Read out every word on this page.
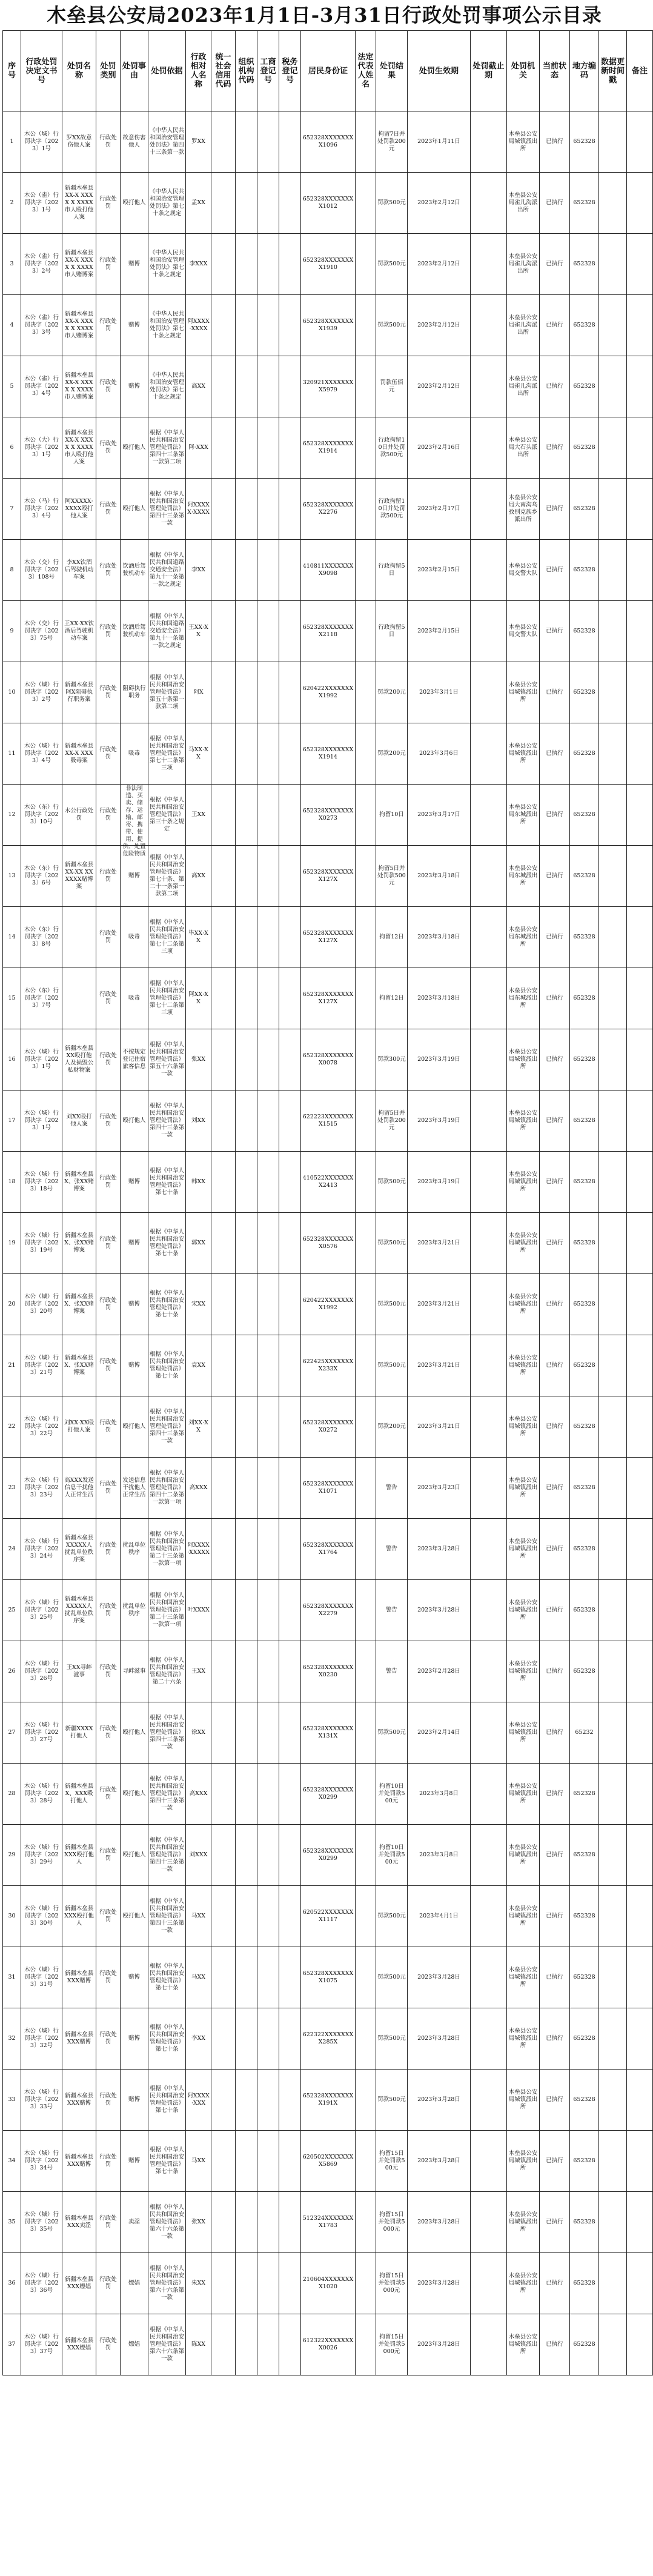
木垒县公安局2023年1月1日-3月31日行政处罚事项公示目录
序号	行政处罚决定文书号	处罚名称	处罚类别	处罚事由	处罚依据	行政相对人名称	统一社会信用代码	组织机构代码	工商登记号	税务登记号	居民身份证	法定代表人姓名	处罚结果	处罚生效期	处罚截止期	处罚机关	当前状态	地方编码	数据更新时间戳	备注

1	木公（城）行罚决字〔2023〕1号	罗XX故意伤他人案	行政处罚	故意伤害他人	《中华人民共和国治安管理处罚法》第四十三条第一款	罗XX					652328XXXXXXXX1096		拘留7日并处罚款200元	2023年1月11日		木垒县公安局城镇派出所	已执行	652328		

2	木公（雀）行罚决字〔2023〕1号	新疆木垒县XX-X XXXX X XXXX市人殴打他人案	行政处罚	殴打他人	《中华人民共和国治安管理处罚法》第七十条之规定	孟XX					652328XXXXXXXX1012		罚款500元	2023年2月12日		木垒县公安局雀儿沟派出所	已执行	652328		

3	木公（雀）行罚决字〔2023〕2号	新疆木垒县XX-X XXXX X XXXX市人赌博案	行政处罚	赌博	《中华人民共和国治安管理处罚法》第七十条之规定	李XXX					652328XXXXXXXX1910		罚款500元	2023年2月12日		木垒县公安局雀儿沟派出所	已执行	652328		

4	木公（雀）行罚决字〔2023〕3号	新疆木垒县XX-X XXXX X XXXX市人赌博案	行政处罚	赌博	《中华人民共和国治安管理处罚法》第七十条之规定	阿XXXX·XXXX					652328XXXXXXXX1939		罚款500元	2023年2月12日		木垒县公安局雀儿沟派出所	已执行	652328		

5	木公（雀）行罚决字〔2023〕4号	新疆木垒县XX-X XXXX X XXXX市人赌博案	行政处罚	赌博	《中华人民共和国治安管理处罚法》第七十条之规定	高XX					320921XXXXXXXX5979		罚款伍佰元	2023年2月12日		木垒县公安局雀儿沟派出所	已执行	652328		

6	木公（大）行罚决字〔2023〕1号	新疆木垒县XX-X XXXX X XXXX市人殴打他人案	行政处罚	殴打他人	根据《中华人民共和国治安管理处罚法》第四十三条第一款第二项	阿·XXX					652328XXXXXXXX1914		行政拘留10日并处罚款500元	2023年2月16日		木垒县公安局大石头派出所	已执行	652328		

7	木公（马）行罚决字〔2023〕4号	阿XXXXX·XXXX殴打他人案	行政处罚	殴打他人	根据《中华人民共和国治安管理处罚法》第四十三条第一款	阿XXXXX·XXXX					652328XXXXXXXX2276		行政拘留10日并处罚款500元	2023年2月17日		木垒县公安局大南沟乌孜别克族乡派出所	已执行	652328		

8	木公（交）行罚决字〔2023〕108号	李XX饮酒后驾驶机动车案	行政处罚	饮酒后驾驶机动车	根据《中华人民共和国道路交通安全法》第九十一条第一款之规定	李XX					410811XXXXXXXX9098		行政拘留5日	2023年2月15日		木垒县公安局交警大队	已执行	652328		

9	木公（交）行罚决字〔2023〕75号	王XX·XX饮酒后驾驶机动车案	行政处罚	饮酒后驾驶机动车	根据《中华人民共和国道路交通安全法》第九十一条第一款之规定	王XX·XX					652328XXXXXXXX2118		行政拘留5日	2023年2月15日		木垒县公安局交警大队	已执行	652328		

10	木公（城）行罚决字〔2023〕2号	新疆木垒县阿X阻碍执行职务案	行政处罚	阻碍执行职务	根据《中华人民共和国治安管理处罚法》第五十条第一款第二项	阿X					620422XXXXXXXX1992		罚款200元	2023年3月1日		木垒县公安局城镇派出所	已执行	652328		

11	木公（城）行罚决字〔2023〕4号	新疆木垒县XX-X XXX吸毒案	行政处罚	吸毒	根据《中华人民共和国治安管理处罚法》第七十二条第三项	马XX·XX					652328XXXXXXXX1914		罚款200元	2023年3月6日		木垒县公安局城镇派出所	已执行	652328		

12	木公（东）行罚决字〔2023〕10号	木公行政处罚	行政处罚	非法制造、买卖、储存、运输、邮寄、携带、使用、提供、处置危险物质	根据《中华人民共和国治安管理处罚法》第三十条之规定	王XX					652328XXXXXXXX0273		拘留10日	2023年3月17日		木垒县公安局东城派出所	已执行	652328		

13	木公（东）行罚决字〔2023〕6号	新疆木垒县XX-XX XXXXXX赌博案	行政处罚	赌博	根据《中华人民共和国治安管理处罚法》第七十条、第二十一条第一款第二项	高XX					652328XXXXXXXX127X		拘留5日并处罚款500元	2023年3月18日		木垒县公安局东城派出所	已执行	652328		

14	木公（东）行罚决字〔2023〕8号		行政处罚	吸毒	根据《中华人民共和国治安管理处罚法》第七十二条第三项	毕XX·XX					652328XXXXXXXX127X		拘留12日	2023年3月18日		木垒县公安局东城派出所	已执行	652328		

15	木公（东）行罚决字〔2023〕7号		行政处罚	吸毒	根据《中华人民共和国治安管理处罚法》第七十二条第三项	阿XX·XX					652328XXXXXXXX127X		拘留12日	2023年3月18日		木垒县公安局东城派出所	已执行	652328		

16	木公（城）行罚决字〔2023〕1号	新疆木垒县XX殴打他人及损毁公私财物案	行政处罚	不按规定登记住宿旅客信息	根据《中华人民共和国治安管理处罚法》第五十六条第一款	张XX					652328XXXXXXXX0078		罚款300元	2023年3月19日		木垒县公安局城镇派出所	已执行	652328		

17	木公（城）行罚决字〔2023〕1号	刘XX殴打他人案	行政处罚	殴打他人	根据《中华人民共和国治安管理处罚法》第四十三条第一款	刘XX					622223XXXXXXXX1515		拘留5日并处罚款200元	2023年3月19日		木垒县公安局城镇派出所	已执行	652328		

18	木公（城）行罚决字〔2023〕18号	新疆木垒县X、张XX赌博案	行政处罚	赌博	根据《中华人民共和国治安管理处罚法》第七十条	韩XX					410522XXXXXXXX2413		罚款500元	2023年3月19日		木垒县公安局城镇派出所	已执行	652328		

19	木公（城）行罚决字〔2023〕19号	新疆木垒县X、张XX赌博案	行政处罚	赌博	根据《中华人民共和国治安管理处罚法》第七十条	郭XX					652328XXXXXXXX0576		罚款500元	2023年3月21日		木垒县公安局城镇派出所	已执行	652328		

20	木公（城）行罚决字〔2023〕20号	新疆木垒县X、张XX赌博案	行政处罚	赌博	根据《中华人民共和国治安管理处罚法》第七十条	宋XX					620422XXXXXXXX1992		罚款500元	2023年3月21日		木垒县公安局城镇派出所	已执行	652328		

21	木公（城）行罚决字〔2023〕21号	新疆木垒县X、张XX赌博案	行政处罚	赌博	根据《中华人民共和国治安管理处罚法》第七十条	袁XX					622425XXXXXXXX233X		罚款500元	2023年3月21日		木垒县公安局城镇派出所	已执行	652328		

22	木公（城）行罚决字〔2023〕22号	刘XX·XX殴打他人案	行政处罚	殴打他人	根据《中华人民共和国治安管理处罚法》第四十三条第一款	刘XX·XX					652328XXXXXXXX0272		罚款200元	2023年3月21日		木垒县公安局城镇派出所	已执行	652328		

23	木公（城）行罚决字〔2023〕23号	高XXX发送信息干扰他人正常生活	行政处罚	发送信息干扰他人正常生活	根据《中华人民共和国治安管理处罚法》第四十二条第一款第一项	高XXX					652328XXXXXXXX1071		警告	2023年3月23日		木垒县公安局城镇派出所	已执行	652328		

24	木公（城）行罚决字〔2023〕24号	新疆木垒县XXXXX人扰乱单位秩序案	行政处罚	扰乱单位秩序	根据《中华人民共和国治安管理处罚法》第二十三条第一款第一项	阿XXXX·XXXXX					652328XXXXXXXX1764		警告	2023年3月28日		木垒县公安局城镇派出所	已执行	652328		

25	木公（城）行罚决字〔2023〕25号	新疆木垒县XXXXX人扰乱单位秩序案	行政处罚	扰乱单位秩序	根据《中华人民共和国治安管理处罚法》第二十三条第一款第一项	叶XXXX					652328XXXXXXXX2279		警告	2023年3月28日		木垒县公安局城镇派出所	已执行	652328		

26	木公（城）行罚决字〔2023〕26号	王XX寻衅滋事	行政处罚	寻衅滋事	根据《中华人民共和国治安管理处罚法》第二十六条	王XX					652328XXXXXXXX0230		警告	2023年2月28日		木垒县公安局城镇派出所	已执行	652328		

27	木公（城）行罚决字〔2023〕27号	新疆XXXX打他人	行政处罚	殴打他人	根据《中华人民共和国治安管理处罚法》第四十三条第一款	徐XX					652328XXXXXXXX131X		罚款500元	2023年2月14日		木垒县公安局城镇派出所	已执行	65232		

28	木公（城）行罚决字〔2023〕28号	新疆木垒县X、XXX殴打他人	行政处罚	殴打他人	根据《中华人民共和国治安管理处罚法》第四十三条第一款	高XXX					652328XXXXXXXX0299		拘留10日并处罚款500元	2023年3月8日		木垒县公安局城镇派出所	已执行	652328		

29	木公（城）行罚决字〔2023〕29号	新疆木垒县XXX殴打他人	行政处罚	殴打他人	根据《中华人民共和国治安管理处罚法》第四十三条第一款	刘XXX					652328XXXXXXXX0299		拘留10日并处罚款500元	2023年3月8日		木垒县公安局城镇派出所	已执行	652328		

30	木公（城）行罚决字〔2023〕30号	新疆木垒县XXX殴打他人	行政处罚	殴打他人	根据《中华人民共和国治安管理处罚法》第四十三条第一款	马XX					620522XXXXXXXX1117		罚款500元	2023年4月1日		木垒县公安局城镇派出所	已执行	652328		

31	木公（城）行罚决字〔2023〕31号	新疆木垒县XXX赌博	行政处罚	赌博	根据《中华人民共和国治安管理处罚法》第七十条	马XX					652328XXXXXXXX1075		罚款500元	2023年3月28日		木垒县公安局城镇派出所	已执行	652328		

32	木公（城）行罚决字〔2023〕32号	新疆木垒县XXX赌博	行政处罚	赌博	根据《中华人民共和国治安管理处罚法》第七十条	李XX					622322XXXXXXXX285X		罚款500元	2023年3月28日		木垒县公安局城镇派出所	已执行	652328		

33	木公（城）行罚决字〔2023〕33号	新疆木垒县XXX赌博	行政处罚	赌博	根据《中华人民共和国治安管理处罚法》第七十条	阿XXXX·XXX					652328XXXXXXXX191X		罚款500元	2023年3月28日		木垒县公安局城镇派出所	已执行	652328		

34	木公（城）行罚决字〔2023〕34号	新疆木垒县XXX赌博	行政处罚	赌博	根据《中华人民共和国治安管理处罚法》第七十条	马XX					620502XXXXXXXX5869		拘留15日并处罚款500元	2023年3月28日		木垒县公安局城镇派出所	已执行	652328		

35	木公（城）行罚决字〔2023〕35号	新疆木垒县XXX卖淫	行政处罚	卖淫	根据《中华人民共和国治安管理处罚法》第六十六条第一款	张XX					512324XXXXXXXX1783		拘留15日并处罚款5000元	2023年3月28日		木垒县公安局城镇派出所	已执行	652328		

36	木公（城）行罚决字〔2023〕36号	新疆木垒县XXX嫖娼	行政处罚	嫖娼	根据《中华人民共和国治安管理处罚法》第六十六条第一款	朱XX					210604XXXXXXXX1020		拘留15日并处罚款5000元	2023年3月28日		木垒县公安局城镇派出所	已执行	652328		

37	木公（城）行罚决字〔2023〕37号	新疆木垒县XXX嫖娼	行政处罚	嫖娼	根据《中华人民共和国治安管理处罚法》第六十六条第一款	陈XX					612322XXXXXXXX0026		拘留15日并处罚款5000元	2023年3月28日		木垒县公安局城镇派出所	已执行	652328		
